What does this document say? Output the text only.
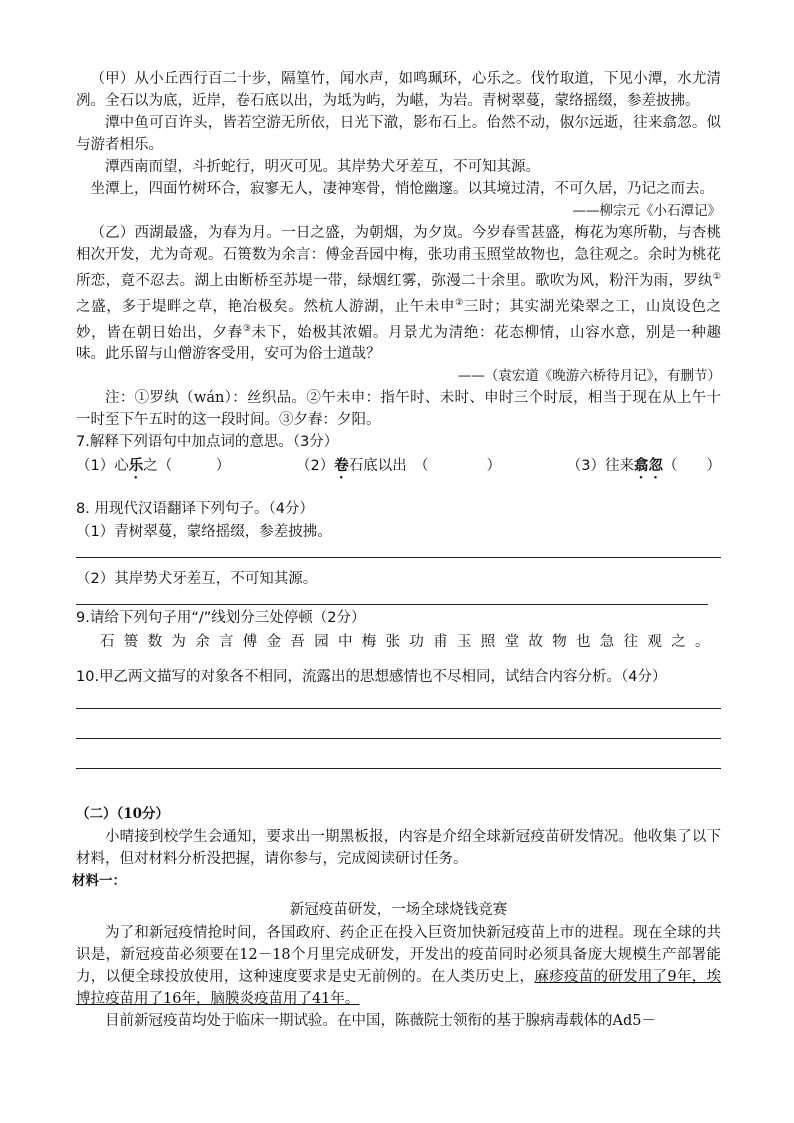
（甲）从小丘西行百二十步，隔篁竹，闻水声，如鸣珮环，心乐之。伐竹取道，下见小潭，水尤清冽。全石以为底，近岸，卷石底以出，为坻为屿，为嵁，为岩。青树翠蔓，蒙络摇缀，参差披拂。

潭中鱼可百许头，皆若空游无所依，日光下澈，影布石上。佁然不动，俶尔远逝，往来翕忽。似与游者相乐。

潭西南而望，斗折蛇行，明灭可见。其岸势犬牙差互，不可知其源。

坐潭上，四面竹树环合，寂寥无人，凄神寒骨，悄怆幽邃。以其境过清，不可久居，乃记之而去。

——柳宗元《小石潭记》

（乙）西湖最盛，为春为月。一日之盛，为朝烟，为夕岚。今岁春雪甚盛，梅花为寒所勒，与杏桃相次开发，尤为奇观。石篑数为余言：傅金吾园中梅，张功甫玉照堂故物也，急往观之。余时为桃花所恋，竟不忍去。湖上由断桥至苏堤一带，绿烟红雾，弥漫二十余里。歌吹为风，粉汗为雨，罗纨①之盛，多于堤畔之草，艳冶极矣。然杭人游湖，止午未申②三时；其实湖光染翠之工，山岚设色之妙，皆在朝日始出，夕舂③未下，始极其浓媚。月景尤为清绝：花态柳情，山容水意，别是一种趣味。此乐留与山僧游客受用，安可为俗士道哉？

——（袁宏道《晚游六桥待月记》，有删节）

注：①罗纨（wán）：丝织品。②午未申：指午时、未时、申时三个时辰，相当于现在从上午十一时至下午五时的这一段时间。③夕舂：夕阳。

7.解释下列语句中加点词的意思。（3分）

（1）心乐之（　　　）	（2）卷石底以出　（　　　　）	（3）往来翕忽（　　）

8. 用现代汉语翻译下列句子。（4分）

（1）青树翠蔓，蒙络摇缀，参差披拂。

（2）其岸势犬牙差互，不可知其源。

9.请给下列句子用“/”线划分三处停顿（2分）

石篑数为余言傅金吾园中梅张功甫玉照堂故物也急往观之。

10.甲乙两文描写的对象各不相同，流露出的思想感情也不尽相同，试结合内容分析。（4分）

（二）（10分）

小晴接到校学生会通知，要求出一期黑板报，内容是介绍全球新冠疫苗研发情况。他收集了以下材料，但对材料分析没把握，请你参与，完成阅读研讨任务。

材料一：

新冠疫苗研发，一场全球烧钱竞赛

为了和新冠疫情抢时间，各国政府、药企正在投入巨资加快新冠疫苗上市的进程。现在全球的共识是，新冠疫苗必须要在12－18个月里完成研发，开发出的疫苗同时必须具备庞大规模生产部署能力，以便全球投放使用，这种速度要求是史无前例的。在人类历史上，麻疹疫苗的研发用了9年，埃博拉疫苗用了16年，脑膜炎疫苗用了41年。

目前新冠疫苗均处于临床一期试验。在中国，陈薇院士领衔的基于腺病毒载体的Ad5－
